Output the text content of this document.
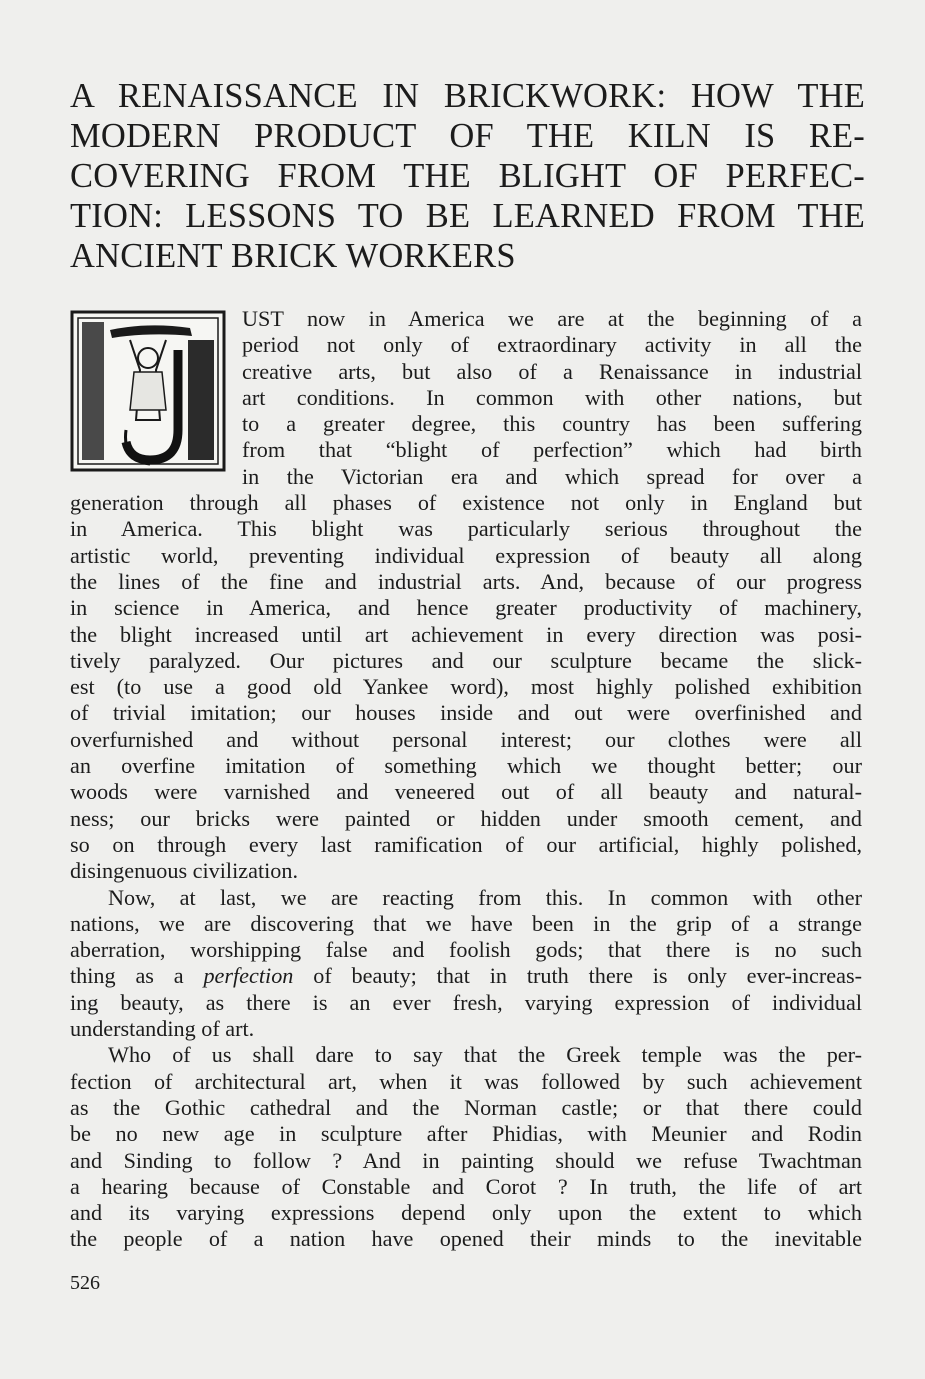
A RENAISSANCE IN BRICKWORK: HOW THE
MODERN PRODUCT OF THE KILN IS RE-
COVERING FROM THE BLIGHT OF PERFEC-
TION: LESSONS TO BE LEARNED FROM THE
ANCIENT BRICK WORKERS
UST now in America we are at the beginning of a
period not only of extraordinary activity in all the
creative arts, but also of a Renaissance in industrial
art conditions. In common with other nations, but
to a greater degree, this country has been suffering
from that “blight of perfection” which had birth
in the Victorian era and which spread for over a
generation through all phases of existence not only in England but
in America. This blight was particularly serious throughout the
artistic world, preventing individual expression of beauty all along
the lines of the fine and industrial arts. And, because of our progress
in science in America, and hence greater productivity of machinery,
the blight increased until art achievement in every direction was posi-
tively paralyzed. Our pictures and our sculpture became the slick-
est (to use a good old Yankee word), most highly polished exhibition
of trivial imitation; our houses inside and out were overfinished and
overfurnished and without personal interest; our clothes were all
an overfine imitation of something which we thought better; our
woods were varnished and veneered out of all beauty and natural-
ness; our bricks were painted or hidden under smooth cement, and
so on through every last ramification of our artificial, highly polished,
disingenuous civilization.
Now, at last, we are reacting from this. In common with other
nations, we are discovering that we have been in the grip of a strange
aberration, worshipping false and foolish gods; that there is no such
thing as a perfection of beauty; that in truth there is only ever-increas-
ing beauty, as there is an ever fresh, varying expression of individual
understanding of art.
Who of us shall dare to say that the Greek temple was the per-
fection of architectural art, when it was followed by such achievement
as the Gothic cathedral and the Norman castle; or that there could
be no new age in sculpture after Phidias, with Meunier and Rodin
and Sinding to follow ? And in painting should we refuse Twachtman
a hearing because of Constable and Corot ? In truth, the life of art
and its varying expressions depend only upon the extent to which
the people of a nation have opened their minds to the inevitable
526
